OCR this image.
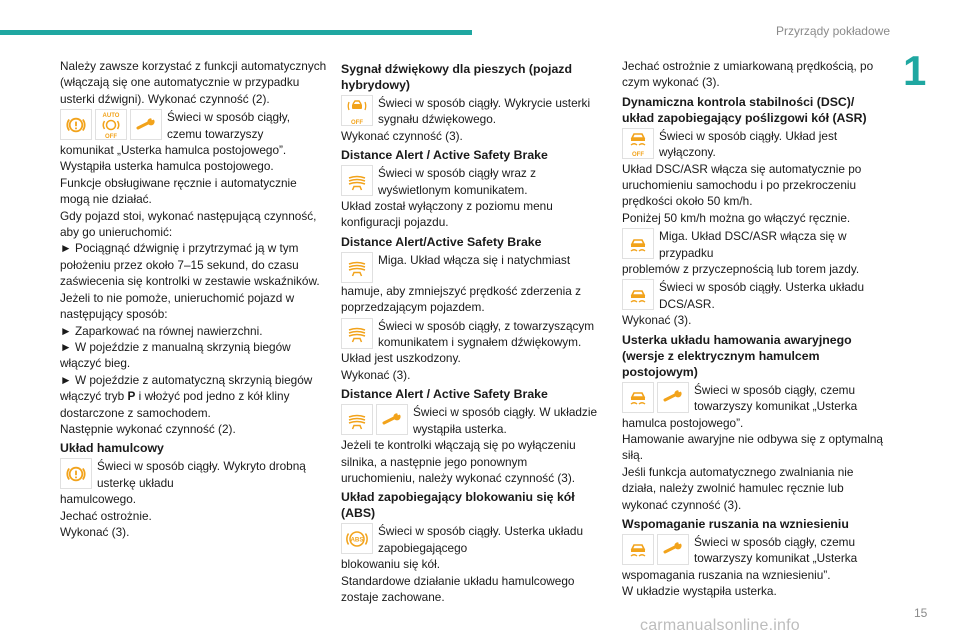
Przyrządy pokładowe
1

Należy zawsze korzystać z funkcji automatycznych (włączają się one automatycznie w przypadku usterki dźwigni). Wykonać czynność (2).

AUTO
OFF
Świeci w sposób ciągły, czemu towarzyszy

komunikat „Usterka hamulca postojowego”.

Wystąpiła usterka hamulca postojowego.

Funkcje obsługiwane ręcznie i automatycznie mogą nie działać.

Gdy pojazd stoi, wykonać następującą czynność, aby go unieruchomić:

► Pociągnąć dźwignię i przytrzymać ją w tym położeniu przez około 7–15 sekund, do czasu zaświecenia się kontrolki w zestawie wskaźników.

Jeżeli to nie pomoże, unieruchomić pojazd w następujący sposób:

► Zaparkować na równej nawierzchni.

► W pojeździe z manualną skrzynią biegów włączyć bieg.

► W pojeździe z automatyczną skrzynią biegów włączyć tryb P i włożyć pod jedno z kół kliny dostarczone z samochodem.

Następnie wykonać czynność (2).

Układ hamulcowy
Świeci w sposób ciągły. Wykryto drobną usterkę układu

hamulcowego.

Jechać ostrożnie.

Wykonać (3).

Sygnał dźwiękowy dla pieszych (pojazd hybrydowy)
OFF
Świeci w sposób ciągły. Wykrycie usterki sygnału dźwiękowego.

Wykonać czynność (3).

Distance Alert / Active Safety Brake
Świeci w sposób ciągły wraz z wyświetlonym komunikatem.

Układ został wyłączony z poziomu menu konfiguracji pojazdu.

Distance Alert/Active Safety Brake
Miga. Układ włącza się i natychmiast

hamuje, aby zmniejszyć prędkość zderzenia z poprzedzającym pojazdem.

Świeci w sposób ciągły, z towarzyszącym komunikatem i sygnałem dźwiękowym.

Układ jest uszkodzony.

Wykonać (3).

Distance Alert / Active Safety Brake
Świeci w sposób ciągły. W układzie wystąpiła usterka.

Jeżeli te kontrolki włączają się po wyłączeniu silnika, a następnie jego ponownym uruchomieniu, należy wykonać czynność (3).

Układ zapobiegający blokowaniu się kół (ABS)
ABS
Świeci w sposób ciągły. Usterka układu zapobiegającego

blokowaniu się kół.

Standardowe działanie układu hamulcowego zostaje zachowane.

Jechać ostrożnie z umiarkowaną prędkością, po czym wykonać (3).

Dynamiczna kontrola stabilności (DSC)/ układ zapobiegający poślizgowi kół (ASR)
OFF
Świeci w sposób ciągły. Układ jest wyłączony.

Układ DSC/ASR włącza się automatycznie po uruchomieniu samochodu i po przekroczeniu prędkości około 50 km/h.

Poniżej 50 km/h można go włączyć ręcznie.

Miga. Układ DSC/ASR włącza się w przypadku

problemów z przyczepnością lub torem jazdy.

Świeci w sposób ciągły. Usterka układu DCS/ASR.

Wykonać (3).

Usterka układu hamowania awaryjnego (wersje z elektrycznym hamulcem postojowym)
Świeci w sposób ciągły, czemu towarzyszy komunikat „Usterka

hamulca postojowego”.

Hamowanie awaryjne nie odbywa się z optymalną siłą.

Jeśli funkcja automatycznego zwalniania nie działa, należy zwolnić hamulec ręcznie lub wykonać czynność (3).

Wspomaganie ruszania na wzniesieniu
Świeci w sposób ciągły, czemu towarzyszy komunikat „Usterka

wspomagania ruszania na wzniesieniu”.

W układzie wystąpiła usterka.

15
carmanualsonline.info
